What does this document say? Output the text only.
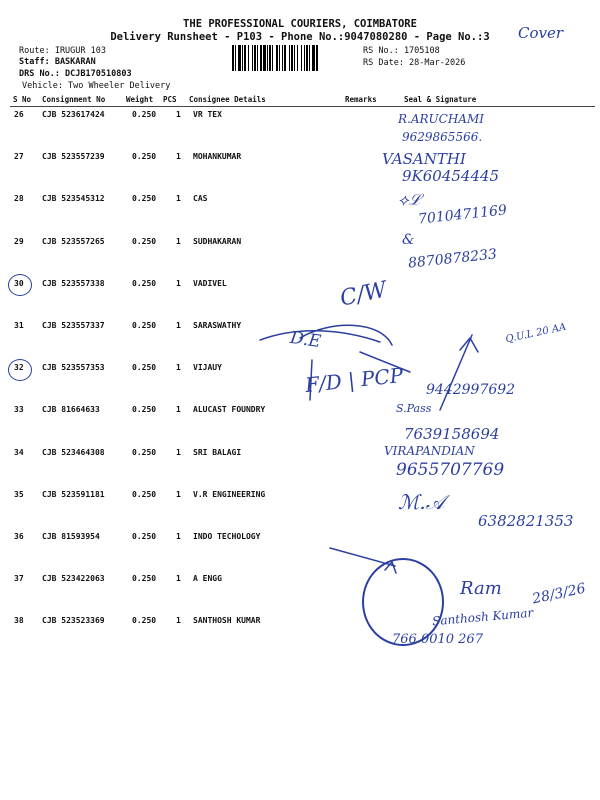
THE PROFESSIONAL COURIERS, COIMBATORE
Delivery Runsheet - P103 - Phone No.:9047080280 - Page No.:3	Cover
Route: IRUGUR 103
Staff: BASKARAN
DRS No.: DCJB170510803
Vehicle: Two Wheeler Delivery
RS No.: 1705108
RS Date: 28-Mar-2026
S No Consignment No	Weight PCS Consignee Details	Remarks	Seal & Signature
26 CJB 523617424	0.250 1 VR TEX
27 CJB 523557239	0.250 1 MOHANKUMAR
28 CJB 523545312	0.250 1 CAS
29 CJB 523557265	0.250 1 SUDHAKARAN
30 CJB 523557338	0.250 1 VADIVEL
31 CJB 523557337	0.250 1 SARASWATHY
32 CJB 523557353	0.250 1 VIJAUY
33 CJB 81664633	0.250 1 ALUCAST FOUNDRY
34 CJB 523464308	0.250 1 SRI BALAGI
35 CJB 523591181	0.250 1 V.R ENGINEERING
36 CJB 81593954	0.250 1 INDO TECHOLOGY
37 CJB 523422063	0.250 1 A ENGG
38 CJB 523523369	0.250 1 SANTHOSH KUMAR
R.ARUCHAMI
9629865566.
VASANTHI
9K60454445
⟡ℒ
7010471169
&
8870878233
C/W
D.E	Q.U.L 20 AA
F/D | PCP 9442997692
S.Pass
7639158694
VIRAPANDIAN
9655707769
ℳ.𝒜
6382821353
Ram 28/3/26
Santhosh Kumar
766 0010 267
